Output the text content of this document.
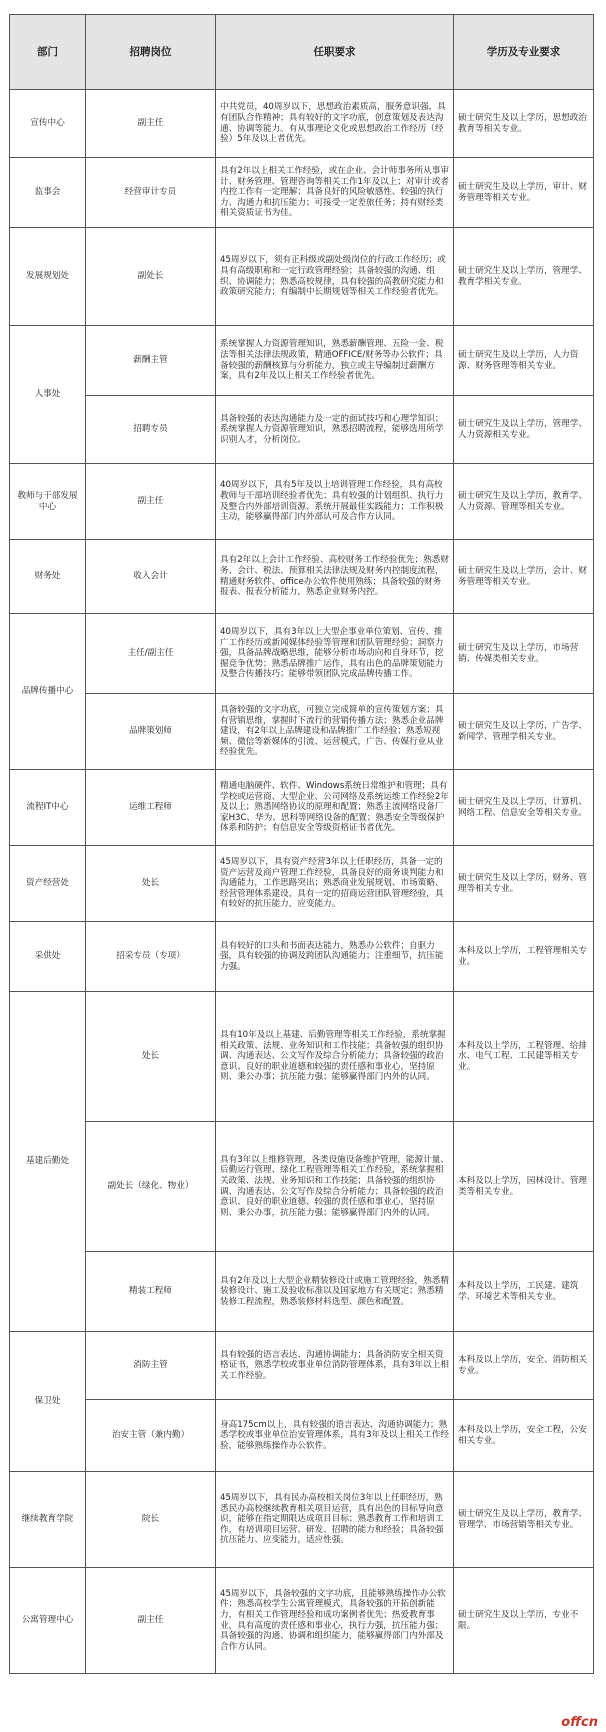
部门	招聘岗位	任职要求	学历及专业要求
宣传中心	副主任	中共党员，40周岁以下，思想政治素质高，服务意识强，具有团队合作精神；具有较好的文字功底，创意策划及表达沟通、协调等能力。有从事理论文化或思想政治工作经历（经验）5年及以上者优先。	硕士研究生及以上学历，思想政治教育等相关专业。
监事会	经营审计专员	具有2年以上相关工作经验，或在企业、会计师事务所从事审计、财务管理、管理咨询等相关工作1年及以上；对审计或者内控工作有一定理解；具备良好的风险敏感性、较强的执行力、沟通力和抗压能力；可接受一定差旅任务；持有财经类相关资质证书为佳。	硕士研究生及以上学历，审计、财务管理等相关专业。
发展规划处	副处长	45周岁以下，须有正科级或副处级岗位的行政工作经历；或具有高级职称和一定行政管理经验；具备较强的沟通、组织、协调能力；熟悉高校规律，具有较强的高教研究能力和政策研究能力；有编制中长期规划等相关工作经验者优先。	硕士研究生及以上学历，管理学、教育学相关专业。
人事处	薪酬主管	系统掌握人力资源管理知识，熟悉薪酬管理、五险一金、税法等相关法律法规政策，精通OFFICE/财务等办公软件；具备较强的薪酬核算与分析能力，独立或主导编制过薪酬方案，具有2年及以上相关工作经验者优先。	硕士研究生及以上学历，人力资源、财务管理等相关专业。
	招聘专员	具备较强的表达沟通能力及一定的面试技巧和心理学知识；系统掌握人力资源管理知识，熟悉招聘流程，能够选用所学识别人才，分析岗位。	硕士研究生及以上学历，管理学、人力资源相关专业。
教师与干部发展中心	副主任	40周岁以下，具有5年及以上培训管理工作经验，具有高校教师与干部培训经验者优先；具有较强的计划组织、执行力及整合内外部培训资源、系统开展最佳实践能力；工作积极主动，能够赢得部门内外部认可及合作方认同。	硕士研究生及以上学历，教育学、人力资源、管理等相关专业。
财务处	收入会计	具有2年以上会计工作经验、高校财务工作经验优先；熟悉财务、会计、税法、预算相关法律法规及财务内控制度流程，精通财务软件、office办公软件使用熟练；具备较强的财务报表、报表分析能力，熟悉企业财务内控。	硕士研究生及以上学历，会计、财务管理等相关专业。
品牌传播中心	主任/副主任	40周岁以下，具有3年以上大型企事业单位策划、宣传、推广工作经历或新闻媒体经验等管理和团队管理经验；洞察力强，具备品牌战略思维，能够分析市场动向和自身环节，挖掘竞争优势；熟悉品牌推广运作，具有出色的品牌策划能力及整合传播技巧；能够带领团队完成品牌传播工作。	硕士研究生及以上学历，市场营销、传媒类相关专业。
	品牌策划师	具备较强的文字功底，可独立完成简单的宣传策划方案；具有营销思维，掌握时下流行的营销传播方法；熟悉企业品牌建设，有2年以上品牌建设和品牌推广工作经验；熟悉短视频、微信等新媒体的引流、运营模式，广告、传媒行业从业经验优先。	硕士研究生及以上学历，广告学、新闻学、管理学相关专业。
流程IT中心	运维工程师	精通电脑硬件、软件、Windows系统日常维护和管理；具有学校或运营商、大型企业、公司网络及系统运维工作经验2年及以上；熟悉网络协议的原理和配置；熟悉主流网络设备厂家H3C、华为、思科等网络设备的配置；熟悉安全等级保护体系和防护；有信息安全等级资格证书者优先。	硕士研究生及以上学历，计算机、网络工程、信息安全等相关专业。
资产经营处	处长	45周岁以下，具有资产经营3年以上任职经历，具备一定的资产运营及商户管理工作经验，具备良好的商务谈判能力和沟通能力，工作思路突出；熟悉商业发展规划、市场策略、经营管理体系建设，具有一定的招商运营团队管理经验，具有较好的抗压能力，应变能力。	硕士研究生及以上学历，财务、管理等相关专业。
采供处	招采专员（专项）	具有较好的口头和书面表达能力，熟悉办公软件；自驱力强，具有较强的协调及跨团队沟通能力；注重细节，抗压能力强。	本科及以上学历，工程管理相关专业。
基建后勤处	处长	具有10年及以上基建、后勤管理等相关工作经验，系统掌握相关政策、法规、业务知识和工作技能；具备较强的组织协调、沟通表达、公文写作及综合分析能力；具备较强的政治意识、良好的职业道德和较强的责任感和事业心，坚持原则、秉公办事；抗压能力强；能够赢得部门内外的认同。	本科及以上学历，工程管理、给排水、电气工程、工民建等相关专业。
	副处长（绿化、物业）	具有3年以上维修管理，各类设施设备维护管理，能源计量、后勤运行管理、绿化工程管理等相关工作经验，系统掌握相关政策、法规、业务知识和工作技能；具备较强的组织协调、沟通表达、公文写作及综合分析能力；具备较强的政治意识、良好的职业道德、较强的责任感和事业心，坚持原则、秉公办事，抗压能力强；能够赢得部门内外的认同。	本科及以上学历，园林设计、管理类等相关专业。
	精装工程师	具有2年及以上大型企业精装修设计或施工管理经验，熟悉精装修设计、施工及验收标准以及国家地方有关规定；熟悉精装修工程流程，熟悉装修材料选型、颜色和配置。	本科及以上学历，工民建、建筑学、环境艺术等相关专业。
保卫处	消防主管	具有较强的语言表达、沟通协调能力；具备消防安全相关资格证书，熟悉学校或事业单位消防管理体系，具有3年以上相关工作经验。	本科及以上学历，安全、消防相关专业。
	治安主管（兼内勤）	身高175cm以上，具有较强的语言表达、沟通协调能力；熟悉学校或事业单位治安管理体系，具有3年及以上相关工作经验，能够熟练操作办公软件。	本科及以上学历，安全工程，公安相关专业。
继续教育学院	院长	45周岁以下，具有民办高校相关岗位3年以上任职经历，熟悉民办高校继续教育相关项目运营，具有出色的目标导向意识，能够在指定期限达成项目目标；熟悉教育工作和培训工作，有培训项目运营、研发、招聘的能力和经验；具备较强抗压能力、应变能力，适应性强。	硕士研究生及以上学历，教育学、管理学、市场营销等相关专业。
公寓管理中心	副主任	45周岁以下，具备较强的文字功底，且能够熟练操作办公软件；熟悉高校学生公寓管理模式，具备较强的开拓创新能力，有相关工作管理经验和成功案例者优先；热爱教育事业，具有高度的责任感和事业心，执行力强，抗压能力强；具备较强的沟通、协调和组织能力，能够赢得部门内外部及合作方认同。	硕士研究生及以上学历，专业不限。
offcn
